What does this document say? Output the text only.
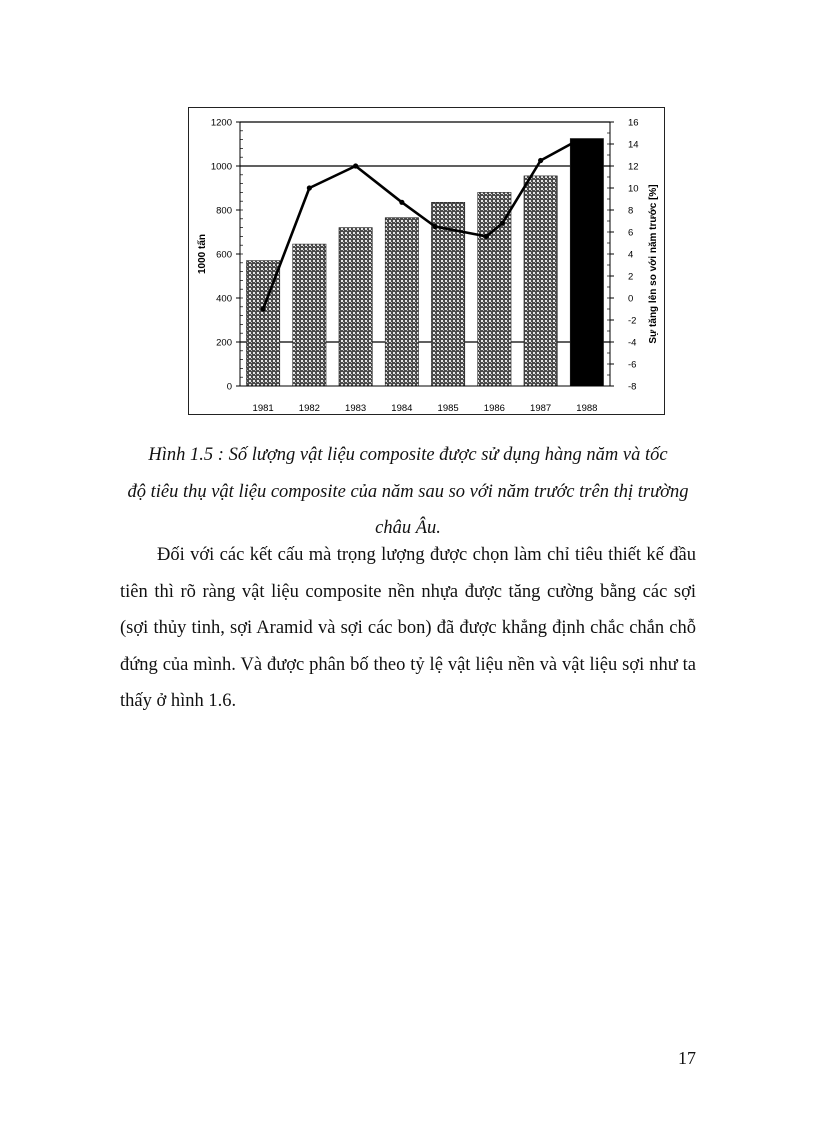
0
200
400
600
800
1000
1200
-8
-6
-4
-2
0
2
4
6
8
10
12
14
16
1981	1982	1983	1984	1985	1986	1987	1988
1000 tấn	Sự tăng lên so với năm trước [%]
Hình 1.5 : Số lượng vật liệu composite được sử dụng hàng năm và tốc
độ tiêu thụ vật liệu composite của năm sau so với năm trước trên thị trường
châu Âu.

Đối với các kết cấu mà trọng lượng được chọn làm chỉ tiêu thiết kế đầu tiên thì rõ ràng vật liệu composite nền nhựa được tăng cường bằng các sợi (sợi thủy tinh, sợi Aramid và sợi các bon) đã được khẳng định chắc chắn chỗ đứng của mình. Và được phân bố theo tỷ lệ vật liệu nền và vật liệu sợi như ta thấy ở hình 1.6.

17
